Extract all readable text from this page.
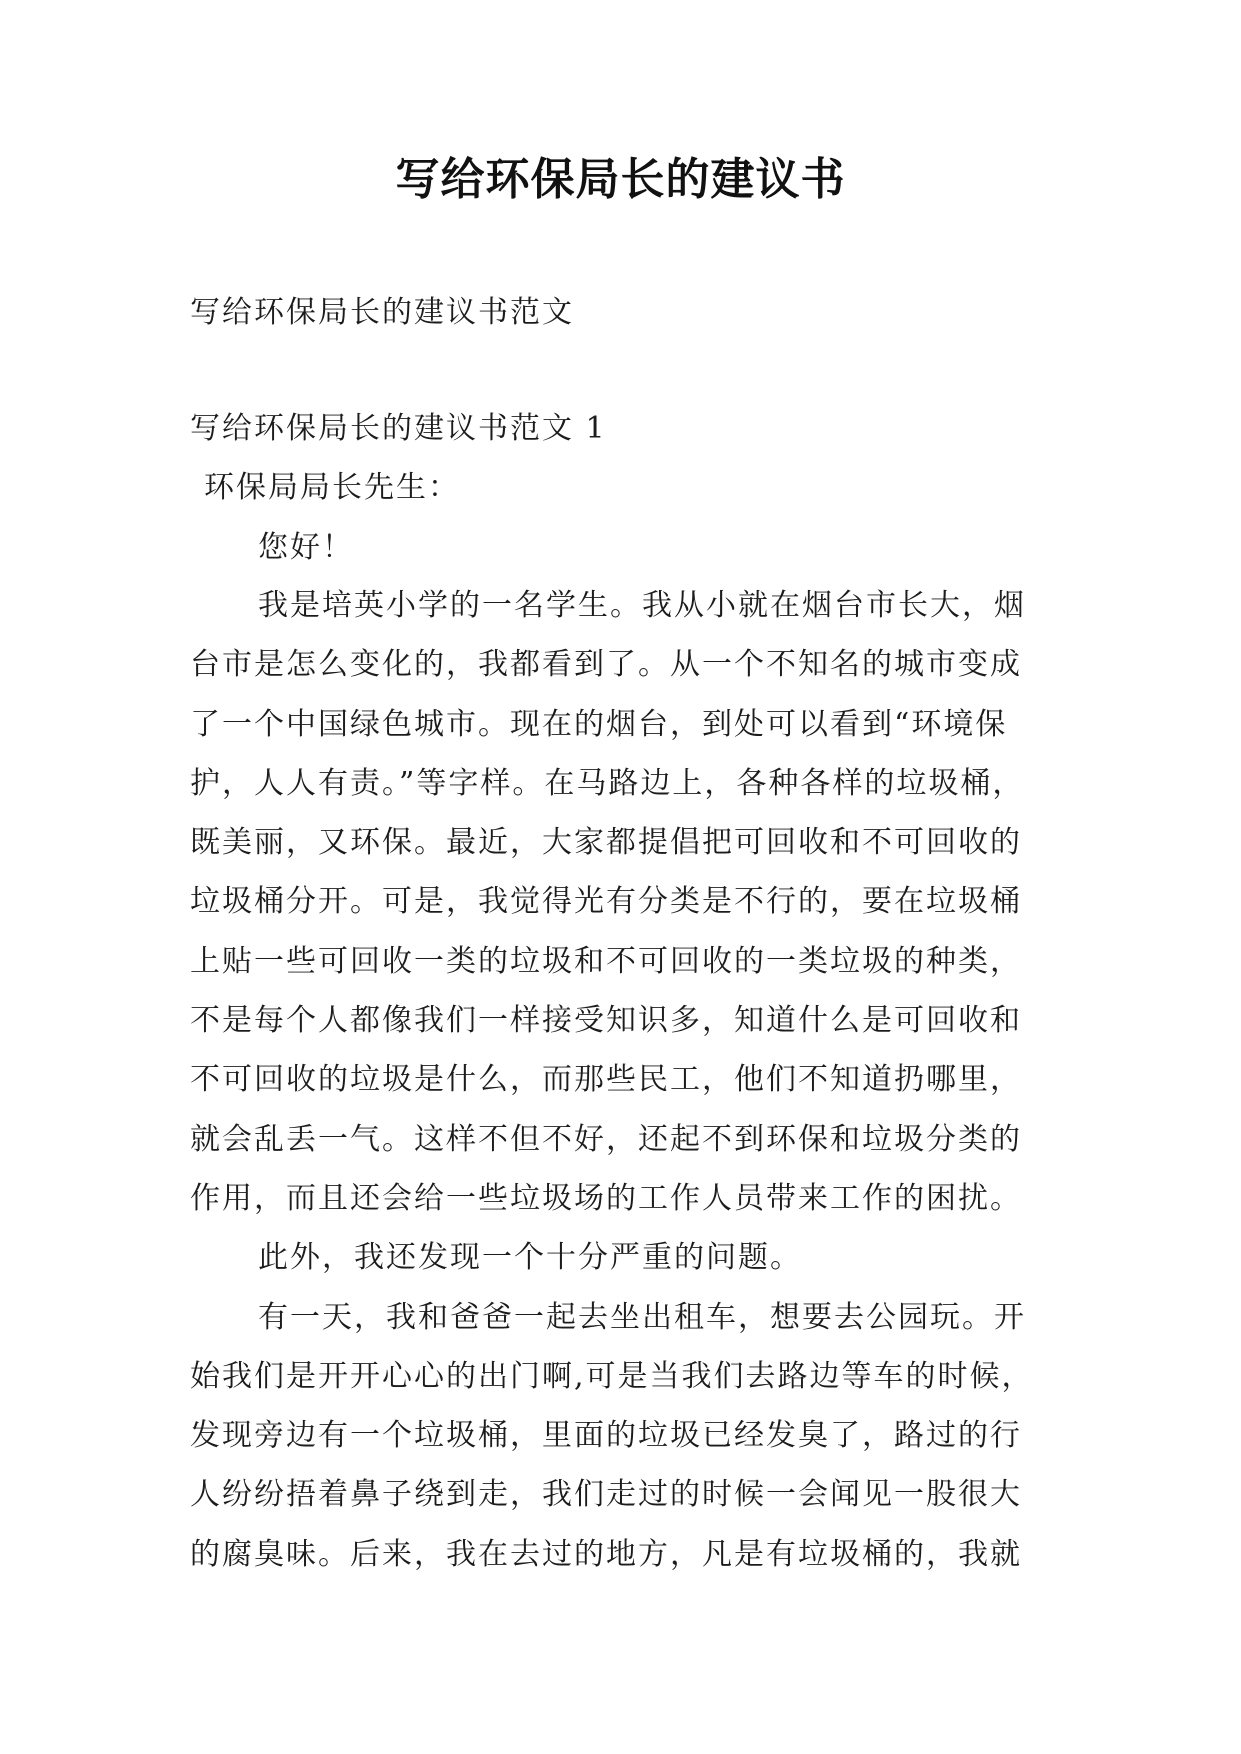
写给环保局长的建议书
写给环保局长的建议书范文
写给环保局长的建议书范文 1
环保局局长先生：
您好！
我是培英小学的一名学生。我从小就在烟台市长大，烟
台市是怎么变化的，我都看到了。从一个不知名的城市变成
了一个中国绿色城市。现在的烟台，到处可以看到“环境保
护，人人有责。”等字样。在马路边上，各种各样的垃圾桶，
既美丽，又环保。最近，大家都提倡把可回收和不可回收的
垃圾桶分开。可是，我觉得光有分类是不行的，要在垃圾桶
上贴一些可回收一类的垃圾和不可回收的一类垃圾的种类，
不是每个人都像我们一样接受知识多，知道什么是可回收和
不可回收的垃圾是什么，而那些民工，他们不知道扔哪里，
就会乱丢一气。这样不但不好，还起不到环保和垃圾分类的
作用，而且还会给一些垃圾场的工作人员带来工作的困扰。
此外，我还发现一个十分严重的问题。
有一天，我和爸爸一起去坐出租车，想要去公园玩。开
始我们是开开心心的出门啊,可是当我们去路边等车的时候，
发现旁边有一个垃圾桶，里面的垃圾已经发臭了，路过的行
人纷纷捂着鼻子绕到走，我们走过的时候一会闻见一股很大
的腐臭味。后来，我在去过的地方，凡是有垃圾桶的，我就
